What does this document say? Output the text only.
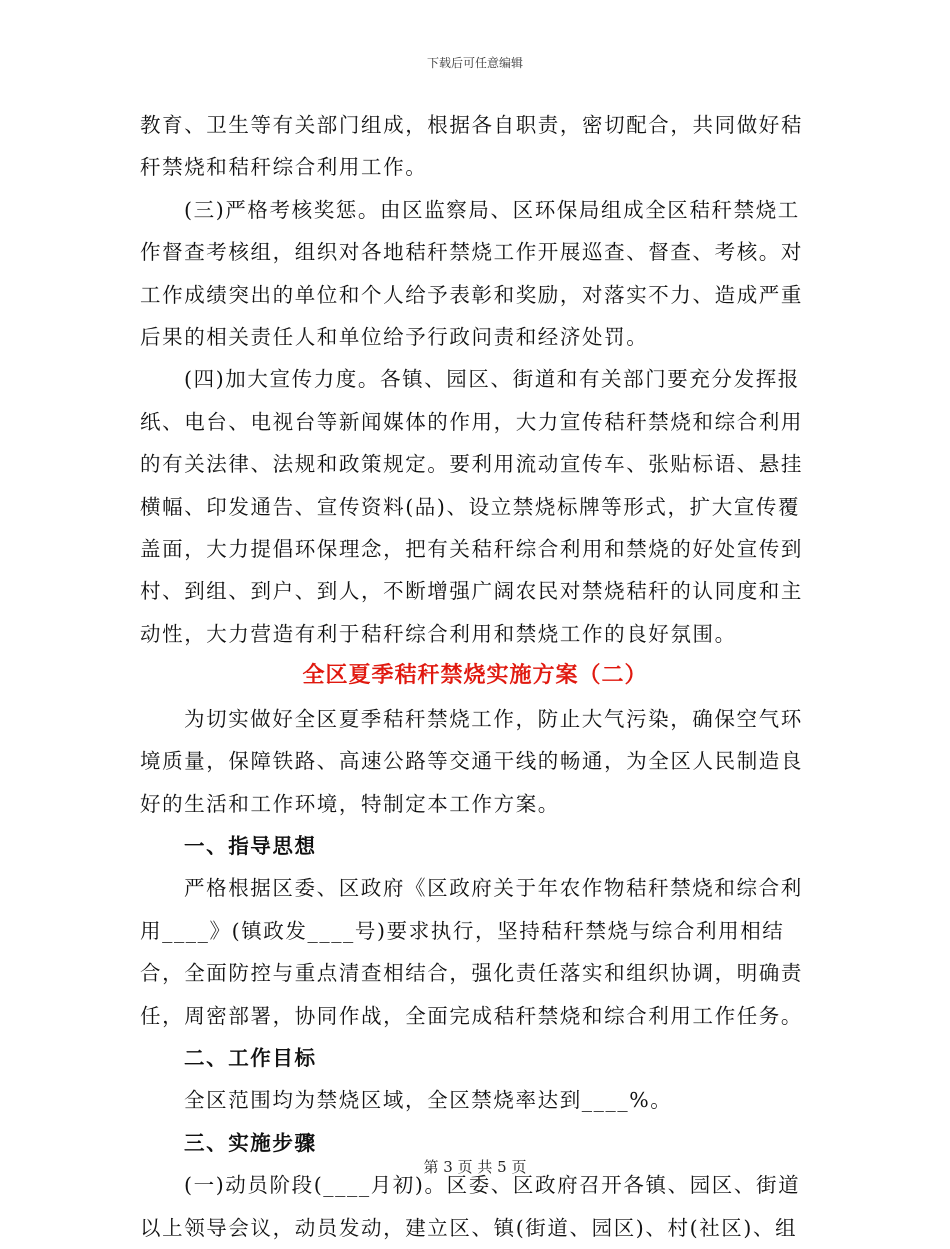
下载后可任意编辑

教育、卫生等有关部门组成，根据各自职责，密切配合，共同做好秸秆禁烧和秸秆综合利用工作。

(三)严格考核奖惩。由区监察局、区环保局组成全区秸秆禁烧工作督查考核组，组织对各地秸秆禁烧工作开展巡查、督查、考核。对工作成绩突出的单位和个人给予表彰和奖励，对落实不力、造成严重后果的相关责任人和单位给予行政问责和经济处罚。

(四)加大宣传力度。各镇、园区、街道和有关部门要充分发挥报纸、电台、电视台等新闻媒体的作用，大力宣传秸秆禁烧和综合利用的有关法律、法规和政策规定。要利用流动宣传车、张贴标语、悬挂横幅、印发通告、宣传资料(品)、设立禁烧标牌等形式，扩大宣传覆盖面，大力提倡环保理念，把有关秸秆综合利用和禁烧的好处宣传到村、到组、到户、到人，不断增强广阔农民对禁烧秸秆的认同度和主动性，大力营造有利于秸秆综合利用和禁烧工作的良好氛围。

全区夏季秸秆禁烧实施方案（二）

为切实做好全区夏季秸秆禁烧工作，防止大气污染，确保空气环境质量，保障铁路、高速公路等交通干线的畅通，为全区人民制造良好的生活和工作环境，特制定本工作方案。

一、指导思想

严格根据区委、区政府《区政府关于年农作物秸秆禁烧和综合利用____》(镇政发____号)要求执行，坚持秸秆禁烧与综合利用相结合，全面防控与重点清查相结合，强化责任落实和组织协调，明确责任，周密部署，协同作战，全面完成秸秆禁烧和综合利用工作任务。

二、工作目标

全区范围均为禁烧区域，全区禁烧率达到____%。

三、实施步骤

(一)动员阶段(____月初)。区委、区政府召开各镇、园区、街道以上领导会议，动员发动，建立区、镇(街道、园区)、村(社区)、组

第 3 页 共 5 页
